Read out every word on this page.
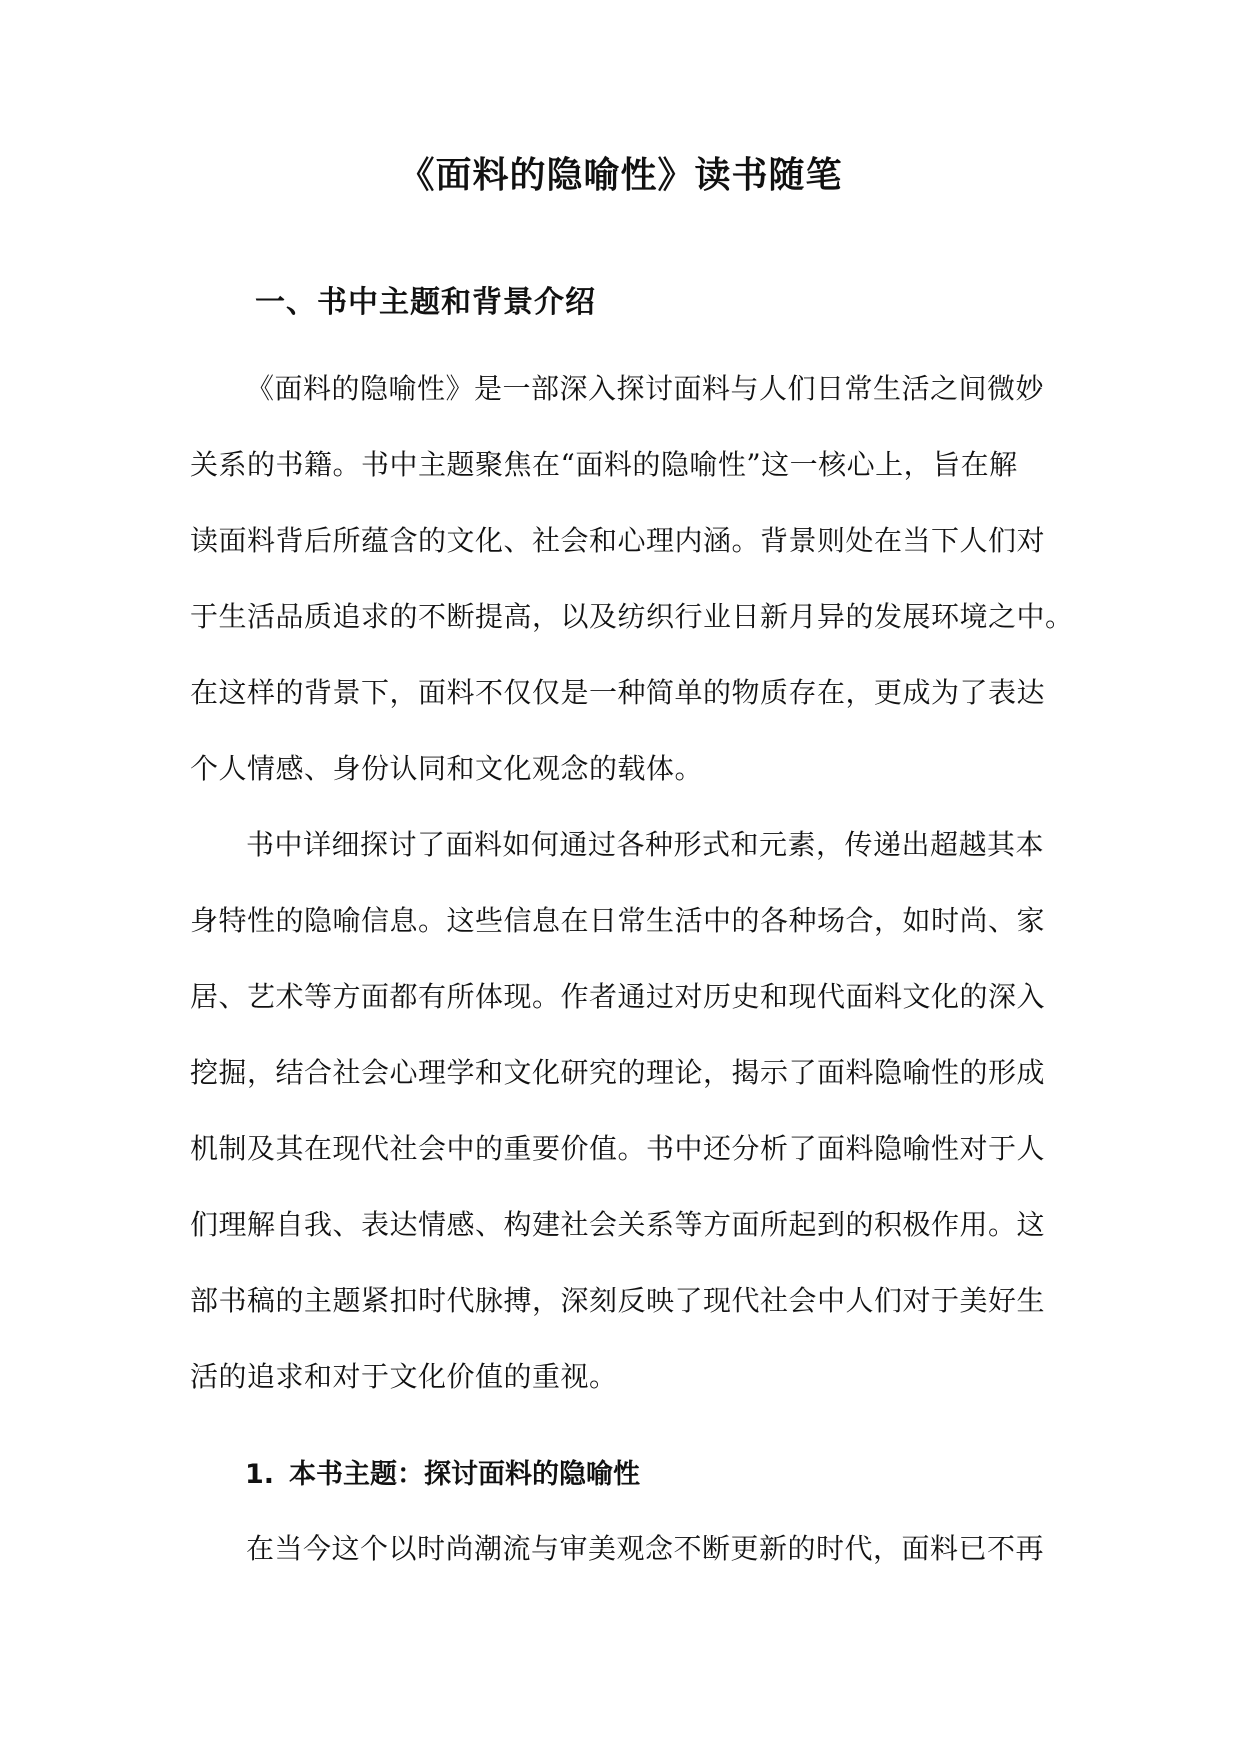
《面料的隐喻性》读书随笔
一、书中主题和背景介绍
《面料的隐喻性》是一部深入探讨面料与人们日常生活之间微妙
关系的书籍。书中主题聚焦在“面料的隐喻性”这一核心上，旨在解
读面料背后所蕴含的文化、社会和心理内涵。背景则处在当下人们对
于生活品质追求的不断提高，以及纺织行业日新月异的发展环境之中。
在这样的背景下，面料不仅仅是一种简单的物质存在，更成为了表达
个人情感、身份认同和文化观念的载体。
书中详细探讨了面料如何通过各种形式和元素，传递出超越其本
身特性的隐喻信息。这些信息在日常生活中的各种场合，如时尚、家
居、艺术等方面都有所体现。作者通过对历史和现代面料文化的深入
挖掘，结合社会心理学和文化研究的理论，揭示了面料隐喻性的形成
机制及其在现代社会中的重要价值。书中还分析了面料隐喻性对于人
们理解自我、表达情感、构建社会关系等方面所起到的积极作用。这
部书稿的主题紧扣时代脉搏，深刻反映了现代社会中人们对于美好生
活的追求和对于文化价值的重视。
1. 本书主题：探讨面料的隐喻性
在当今这个以时尚潮流与审美观念不断更新的时代，面料已不再
